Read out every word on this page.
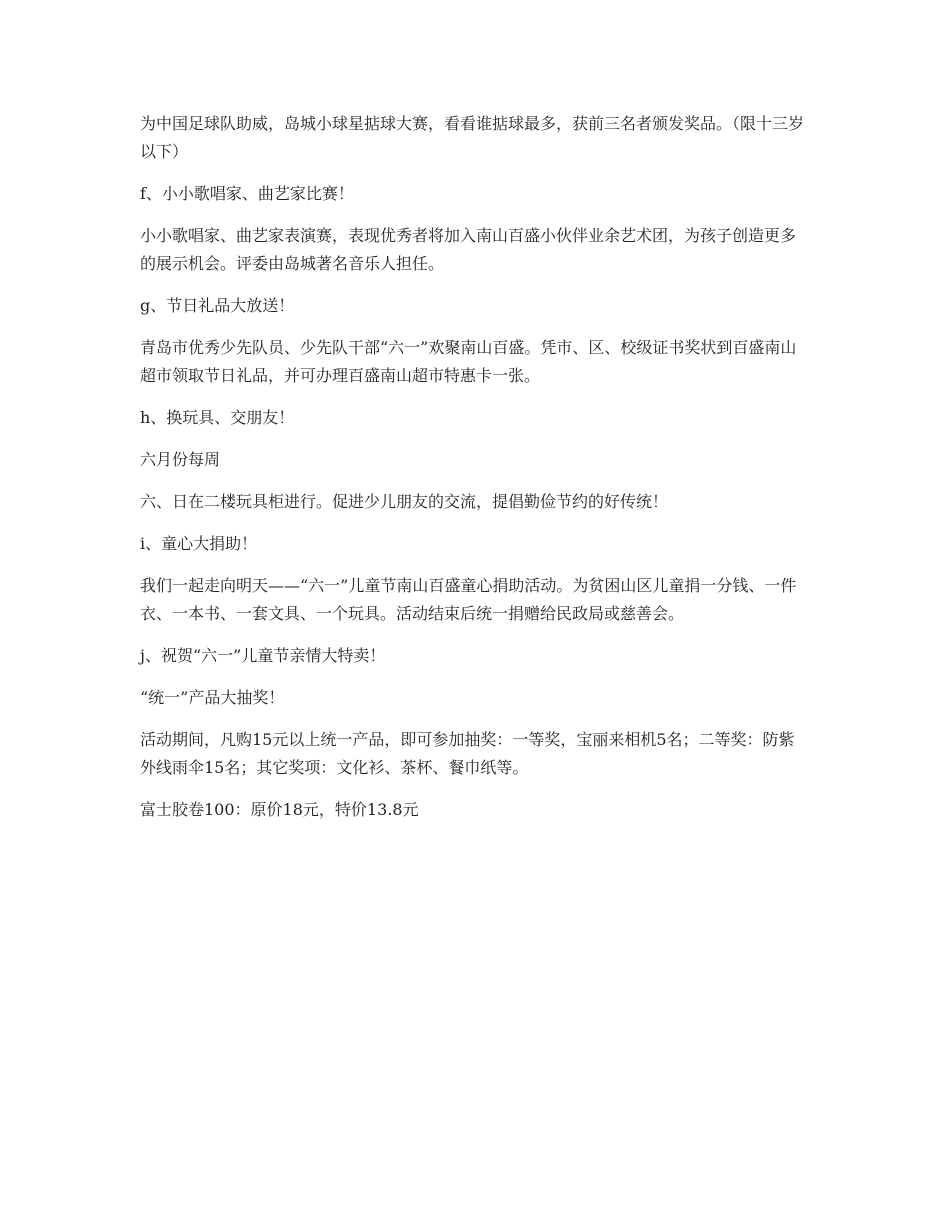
为中国足球队助威，岛城小球星掂球大赛，看看谁掂球最多，获前三名者颁发奖品。（限十三岁以下）

f、小小歌唱家、曲艺家比赛！

小小歌唱家、曲艺家表演赛，表现优秀者将加入南山百盛小伙伴业余艺术团，为孩子创造更多的展示机会。评委由岛城著名音乐人担任。

g、节日礼品大放送！

青岛市优秀少先队员、少先队干部“六一”欢聚南山百盛。凭市、区、校级证书奖状到百盛南山超市领取节日礼品，并可办理百盛南山超市特惠卡一张。

h、换玩具、交朋友！

六月份每周

六、日在二楼玩具柜进行。促进少儿朋友的交流，提倡勤俭节约的好传统！

i、童心大捐助！

我们一起走向明天——“六一”儿童节南山百盛童心捐助活动。为贫困山区儿童捐一分钱、一件衣、一本书、一套文具、一个玩具。活动结束后统一捐赠给民政局或慈善会。

j、祝贺“六一”儿童节亲情大特卖！

“统一”产品大抽奖！

活动期间，凡购15元以上统一产品，即可参加抽奖：一等奖，宝丽来相机5名；二等奖：防紫外线雨伞15名；其它奖项：文化衫、茶杯、餐巾纸等。

富士胶卷100：原价18元，特价13.8元
